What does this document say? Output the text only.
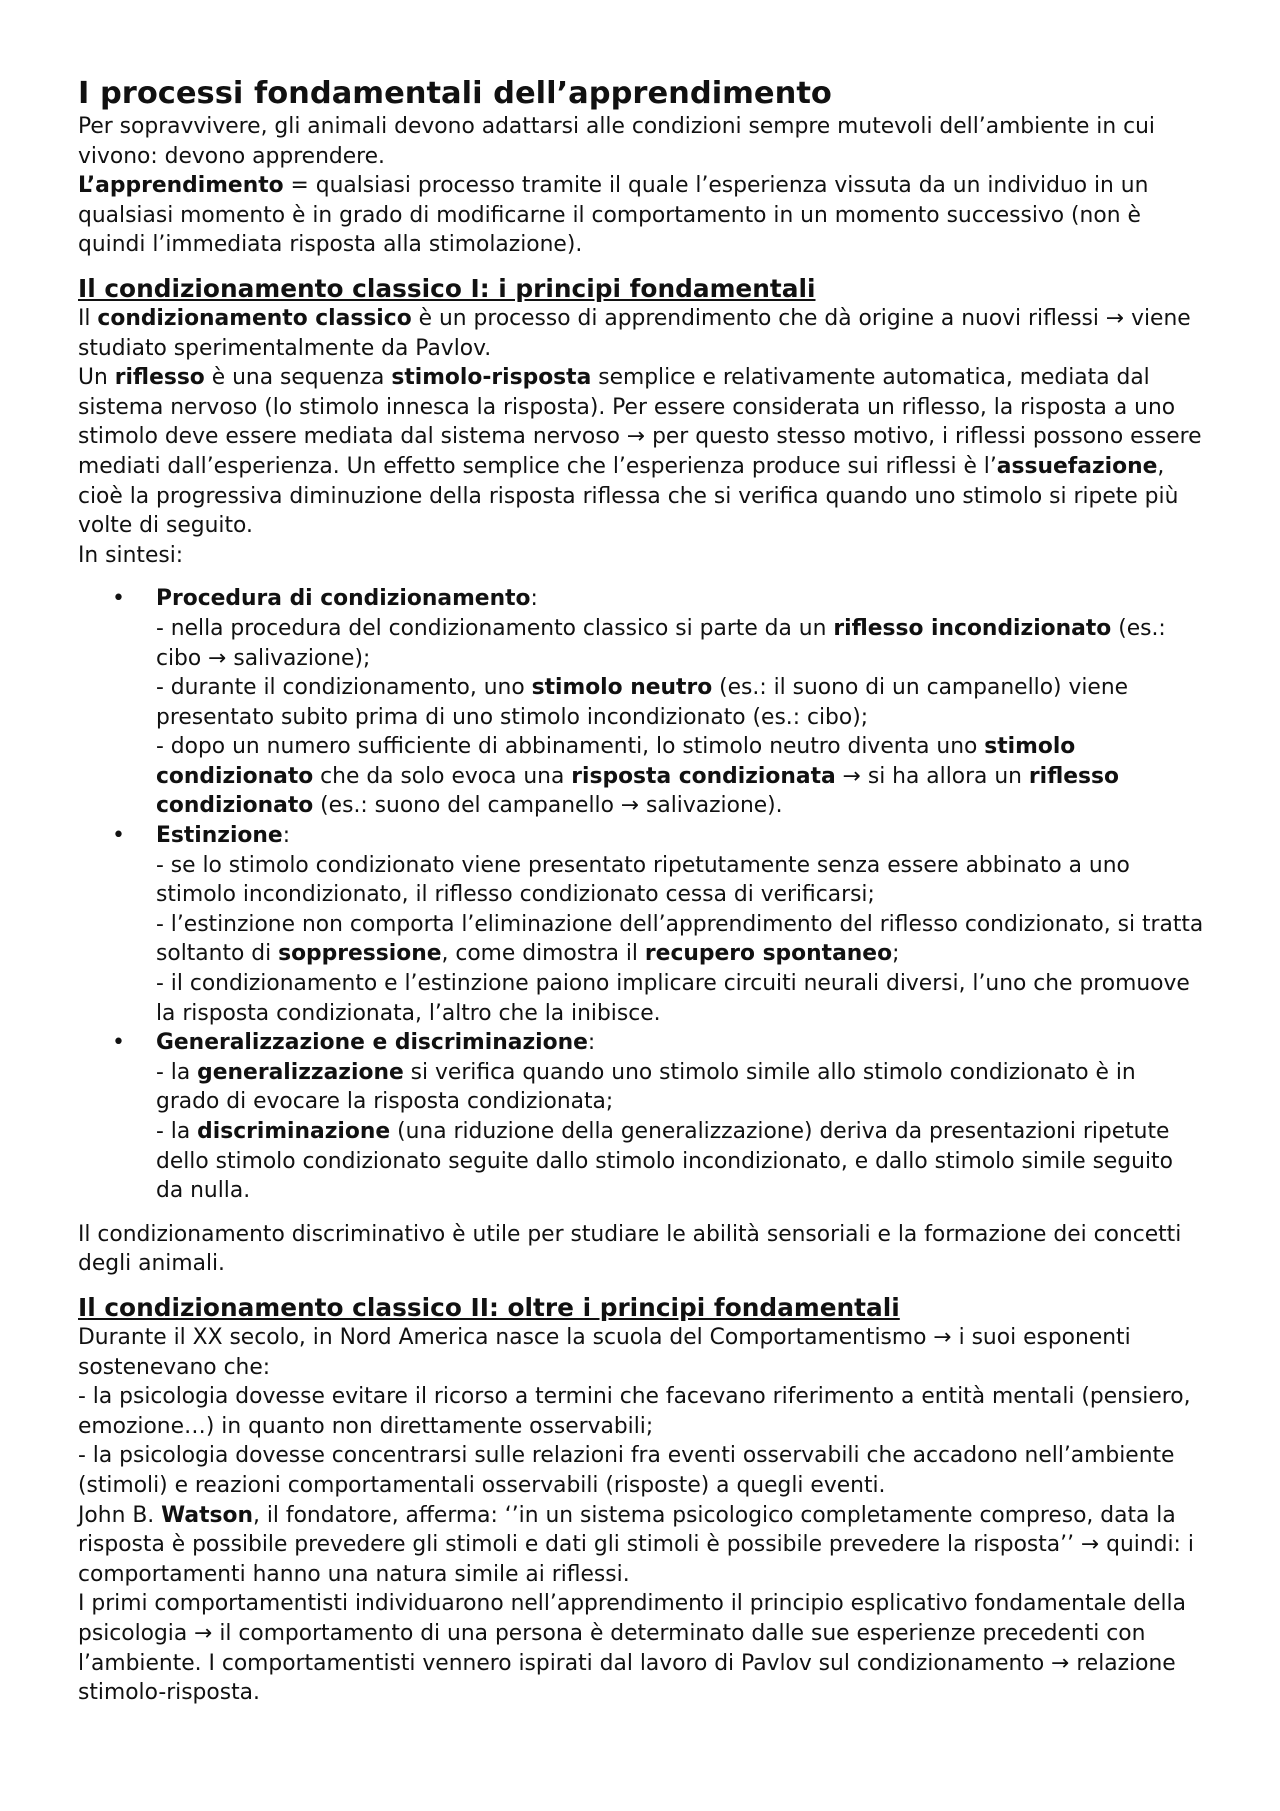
I processi fondamentali dell’apprendimento

Per sopravvivere, gli animali devono adattarsi alle condizioni sempre mutevoli dell’ambiente in cui vivono: devono apprendere.

L’apprendimento = qualsiasi processo tramite il quale l’esperienza vissuta da un individuo in un qualsiasi momento è in grado di modificarne il comportamento in un momento successivo (non è quindi l’immediata risposta alla stimolazione).

Il condizionamento classico I: i principi fondamentali

Il condizionamento classico è un processo di apprendimento che dà origine a nuovi riflessi → viene studiato sperimentalmente da Pavlov.

Un riflesso è una sequenza stimolo-risposta semplice e relativamente automatica, mediata dal sistema nervoso (lo stimolo innesca la risposta). Per essere considerata un riflesso, la risposta a uno stimolo deve essere mediata dal sistema nervoso → per questo stesso motivo, i riflessi possono essere mediati dall’esperienza. Un effetto semplice che l’esperienza produce sui riflessi è l’assuefazione, cioè la progressiva diminuzione della risposta riflessa che si verifica quando uno stimolo si ripete più volte di seguito.

In sintesi:

• Procedura di condizionamento:
- nella procedura del condizionamento classico si parte da un riflesso incondizionato (es.: cibo → salivazione);
- durante il condizionamento, uno stimolo neutro (es.: il suono di un campanello) viene presentato subito prima di uno stimolo incondizionato (es.: cibo);
- dopo un numero sufficiente di abbinamenti, lo stimolo neutro diventa uno stimolo condizionato che da solo evoca una risposta condizionata → si ha allora un riflesso condizionato (es.: suono del campanello → salivazione).
• Estinzione:
- se lo stimolo condizionato viene presentato ripetutamente senza essere abbinato a uno stimolo incondizionato, il riflesso condizionato cessa di verificarsi;
- l’estinzione non comporta l’eliminazione dell’apprendimento del riflesso condizionato, si tratta soltanto di soppressione, come dimostra il recupero spontaneo;
- il condizionamento e l’estinzione paiono implicare circuiti neurali diversi, l’uno che promuove la risposta condizionata, l’altro che la inibisce.
• Generalizzazione e discriminazione:
- la generalizzazione si verifica quando uno stimolo simile allo stimolo condizionato è in grado di evocare la risposta condizionata;
- la discriminazione (una riduzione della generalizzazione) deriva da presentazioni ripetute dello stimolo condizionato seguite dallo stimolo incondizionato, e dallo stimolo simile seguito da nulla.

Il condizionamento discriminativo è utile per studiare le abilità sensoriali e la formazione dei concetti degli animali.

Il condizionamento classico II: oltre i principi fondamentali

Durante il XX secolo, in Nord America nasce la scuola del Comportamentismo → i suoi esponenti sostenevano che:

- la psicologia dovesse evitare il ricorso a termini che facevano riferimento a entità mentali (pensiero, emozione…) in quanto non direttamente osservabili;

- la psicologia dovesse concentrarsi sulle relazioni fra eventi osservabili che accadono nell’ambiente (stimoli) e reazioni comportamentali osservabili (risposte) a quegli eventi.

John B. Watson, il fondatore, afferma: ‘’in un sistema psicologico completamente compreso, data la risposta è possibile prevedere gli stimoli e dati gli stimoli è possibile prevedere la risposta’’ → quindi: i comportamenti hanno una natura simile ai riflessi.

I primi comportamentisti individuarono nell’apprendimento il principio esplicativo fondamentale della psicologia → il comportamento di una persona è determinato dalle sue esperienze precedenti con l’ambiente. I comportamentisti vennero ispirati dal lavoro di Pavlov sul condizionamento → relazione stimolo-risposta.
